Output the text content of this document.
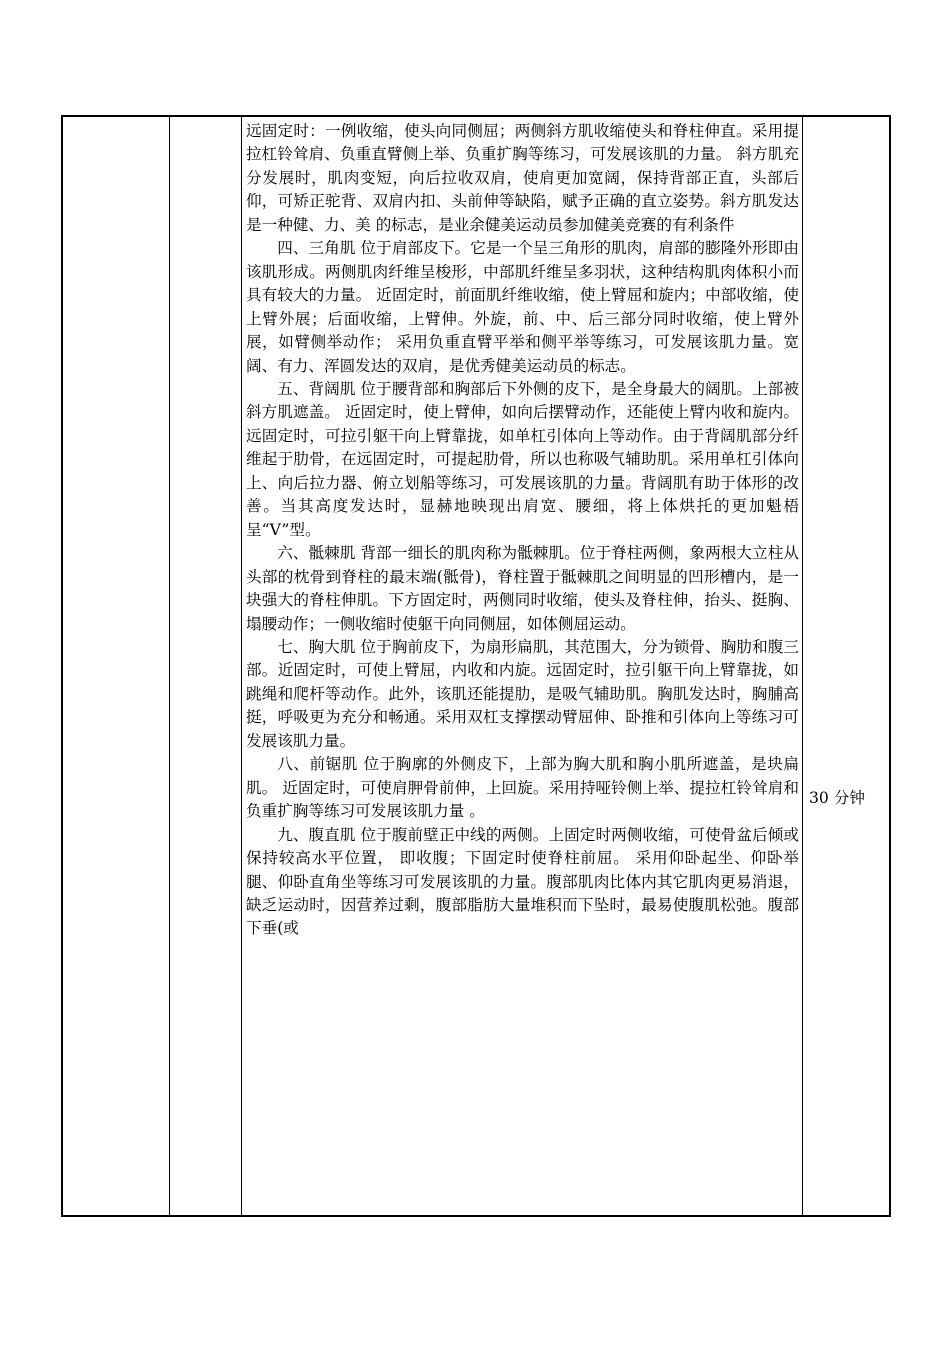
远固定时：一例收缩，使头向同侧屈；两侧斜方肌收缩使头和脊柱伸直。采用提拉杠铃耸肩、负重直臂侧上举、负重扩胸等练习，可发展该肌的力量。 斜方肌充分发展时，肌肉变短，向后拉收双肩，使肩更加宽阔，保持背部正直，头部后仰，可矫正驼背、双肩内扣、头前伸等缺陷，赋予正确的直立姿势。斜方肌发达是一种健、力、美 的标志，是业余健美运动员参加健美竞赛的有利条件

四、三角肌 位于肩部皮下。它是一个呈三角形的肌肉，肩部的膨隆外形即由该肌形成。两侧肌肉纤维呈梭形，中部肌纤维呈多羽状，这种结构肌肉体积小而具有较大的力量。 近固定时，前面肌纤维收缩，使上臂屈和旋内；中部收缩，使上臂外展；后面收缩，上臂伸。外旋，前、中、后三部分同时收缩，使上臂外展，如臂侧举动作； 采用负重直臂平举和侧平举等练习，可发展该肌力量。宽阔、有力、浑圆发达的双肩，是优秀健美运动员的标志。

五、背阔肌 位于腰背部和胸部后下外侧的皮下，是全身最大的阔肌。上部被斜方肌遮盖。 近固定时，使上臂伸，如向后摆臂动作，还能使上臂内收和旋内。远固定时，可拉引躯干向上臂靠拢，如单杠引体向上等动作。由于背阔肌部分纤维起于肋骨，在远固定时，可提起肋骨，所以也称吸气辅助肌。采用单杠引体向上、向后拉力器、俯立划船等练习，可发展该肌的力量。背阔肌有助于体形的改善。当其高度发达时，显赫地映现出肩宽、腰细，将上体烘托的更加魁梧呈“V”型。

六、骶棘肌 背部一细长的肌肉称为骶棘肌。位于脊柱两侧，象两根大立柱从头部的枕骨到脊柱的最末端(骶骨)，脊柱置于骶棘肌之间明显的凹形槽内，是一块强大的脊柱伸肌。下方固定时，两侧同时收缩，使头及脊柱伸，抬头、挺胸、塌腰动作；一侧收缩时使躯干向同侧屈，如体侧屈运动。

七、胸大肌 位于胸前皮下，为扇形扁肌，其范围大，分为锁骨、胸肋和腹三部。近固定时，可使上臂屈，内收和内旋。远固定时，拉引躯干向上臂靠拢，如跳绳和爬杆等动作。此外，该肌还能提肋，是吸气辅助肌。胸肌发达时，胸脯高挺，呼吸更为充分和畅通。采用双杠支撑摆动臂屈伸、卧推和引体向上等练习可发展该肌力量。

八、前锯肌 位于胸廓的外侧皮下，上部为胸大肌和胸小肌所遮盖，是块扁肌。 近固定时，可使肩胛骨前伸，上回旋。采用持哑铃侧上举、提拉杠铃耸肩和负重扩胸等练习可发展该肌力量 。

九、腹直肌 位于腹前壁正中线的两侧。上固定时两侧收缩，可使骨盆后倾或保持较高水平位置， 即收腹；下固定时使脊柱前屈。 采用仰卧起坐、仰卧举腿、仰卧直角坐等练习可发展该肌的力量。腹部肌肉比体内其它肌肉更易消退，缺乏运动时，因营养过剩，腹部脂肪大量堆积而下坠时，最易使腹肌松弛。腹部下垂(或

30 分钟
